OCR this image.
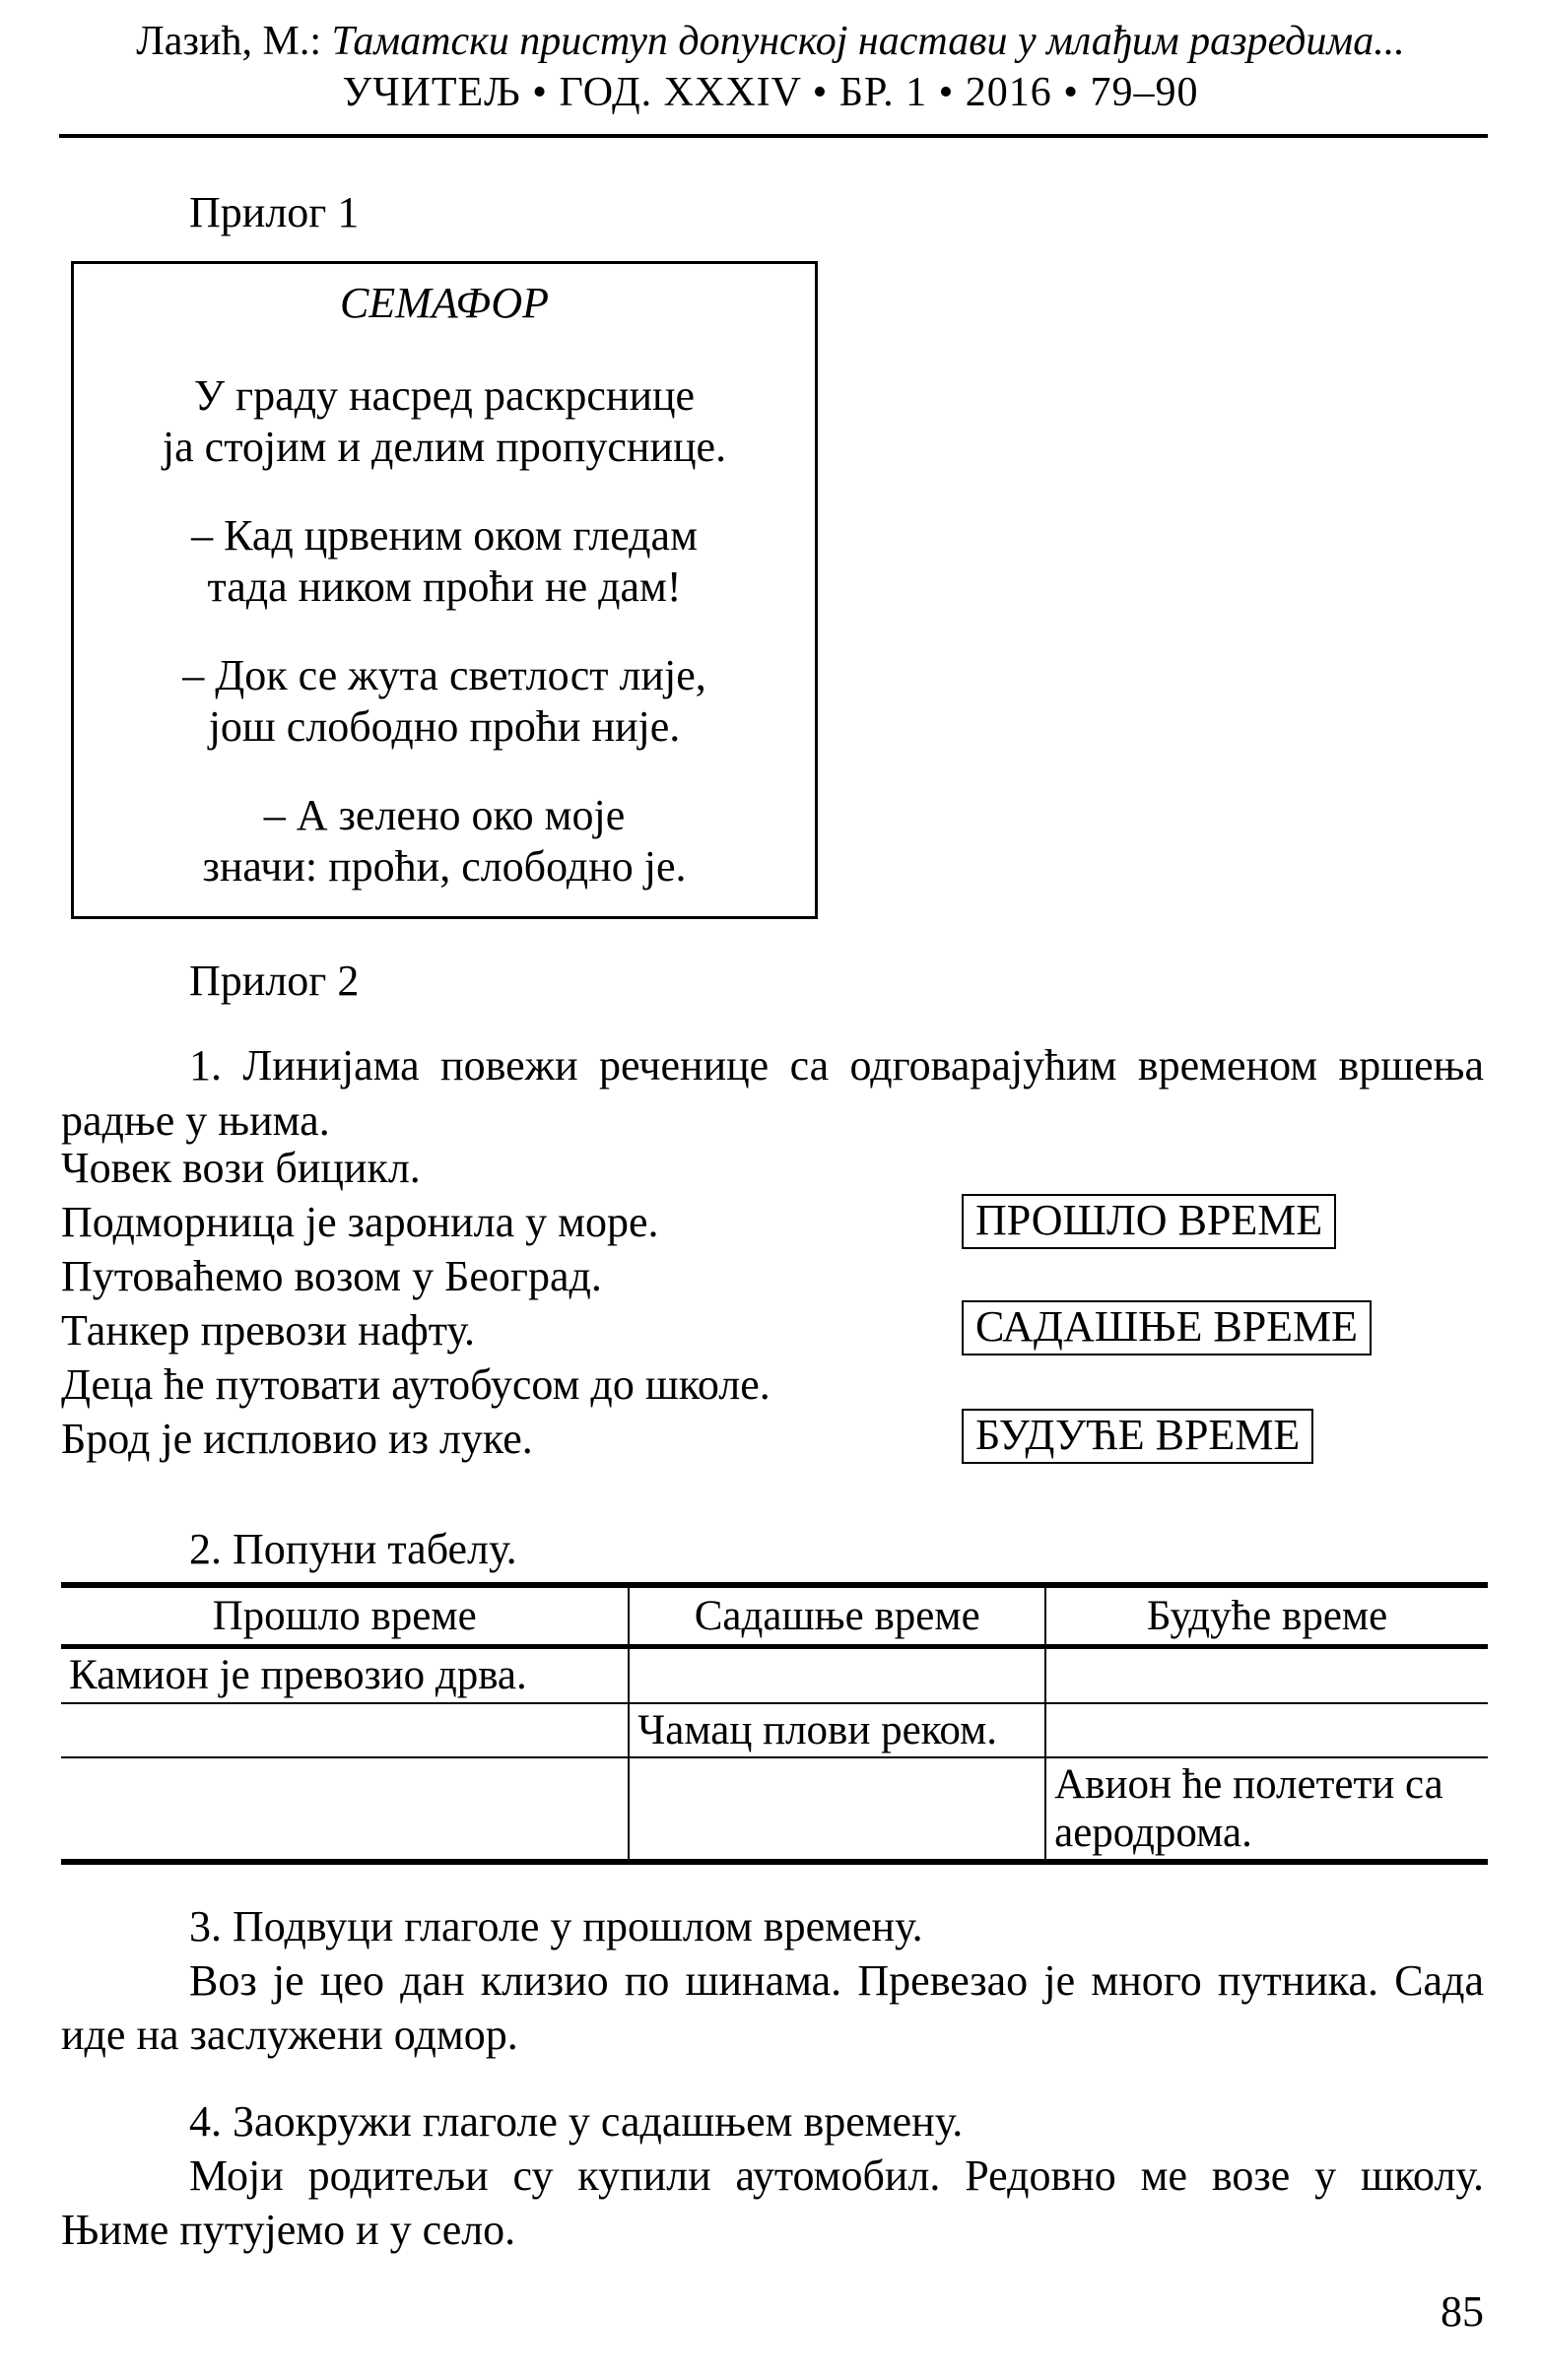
Лазић, М.: Таматски приступ допунској настави у млађим разредима...
УЧИТЕЉ • ГОД. XXXIV • БР. 1 • 2016 • 79–90
Прилог 1
СЕМАФОР
У граду насред раскрснице
ја стојим и делим пропуснице.
– Кад црвеним оком гледам
тада ником проћи не дам!
– Док се жута светлост лије,
још слободно проћи није.
– А зелено око моје
значи: проћи, слободно је.
Прилог 2
1. Линијама повежи реченице са одговарајућим временом вршења
радње у њима.
Човек вози бицикл.
Подморница је заронила у море.
Путоваћемо возом у Београд.
Танкер превози нафту.
Деца ће путовати аутобусом до школе.
Брод је испловио из луке.
ПРОШЛО ВРЕМЕ
САДАШЊЕ ВРЕМЕ
БУДУЋЕ ВРЕМЕ
2. Попуни табелу.
Прошло време	Садашње време	Будуће време
Камион је превозио дрва.		
	Чамац плови реком.	
		Авион ће полетети са аеродрома.
3. Подвуци глаголе у прошлом времену.
Воз је цео дан клизио по шинама. Превезао је много путника. Сада
иде на заслужени одмор.
4. Заокружи глаголе у садашњем времену.
Моји родитељи су купили аутомобил. Редовно ме возе у школу.
Њиме путујемо и у село.
85
